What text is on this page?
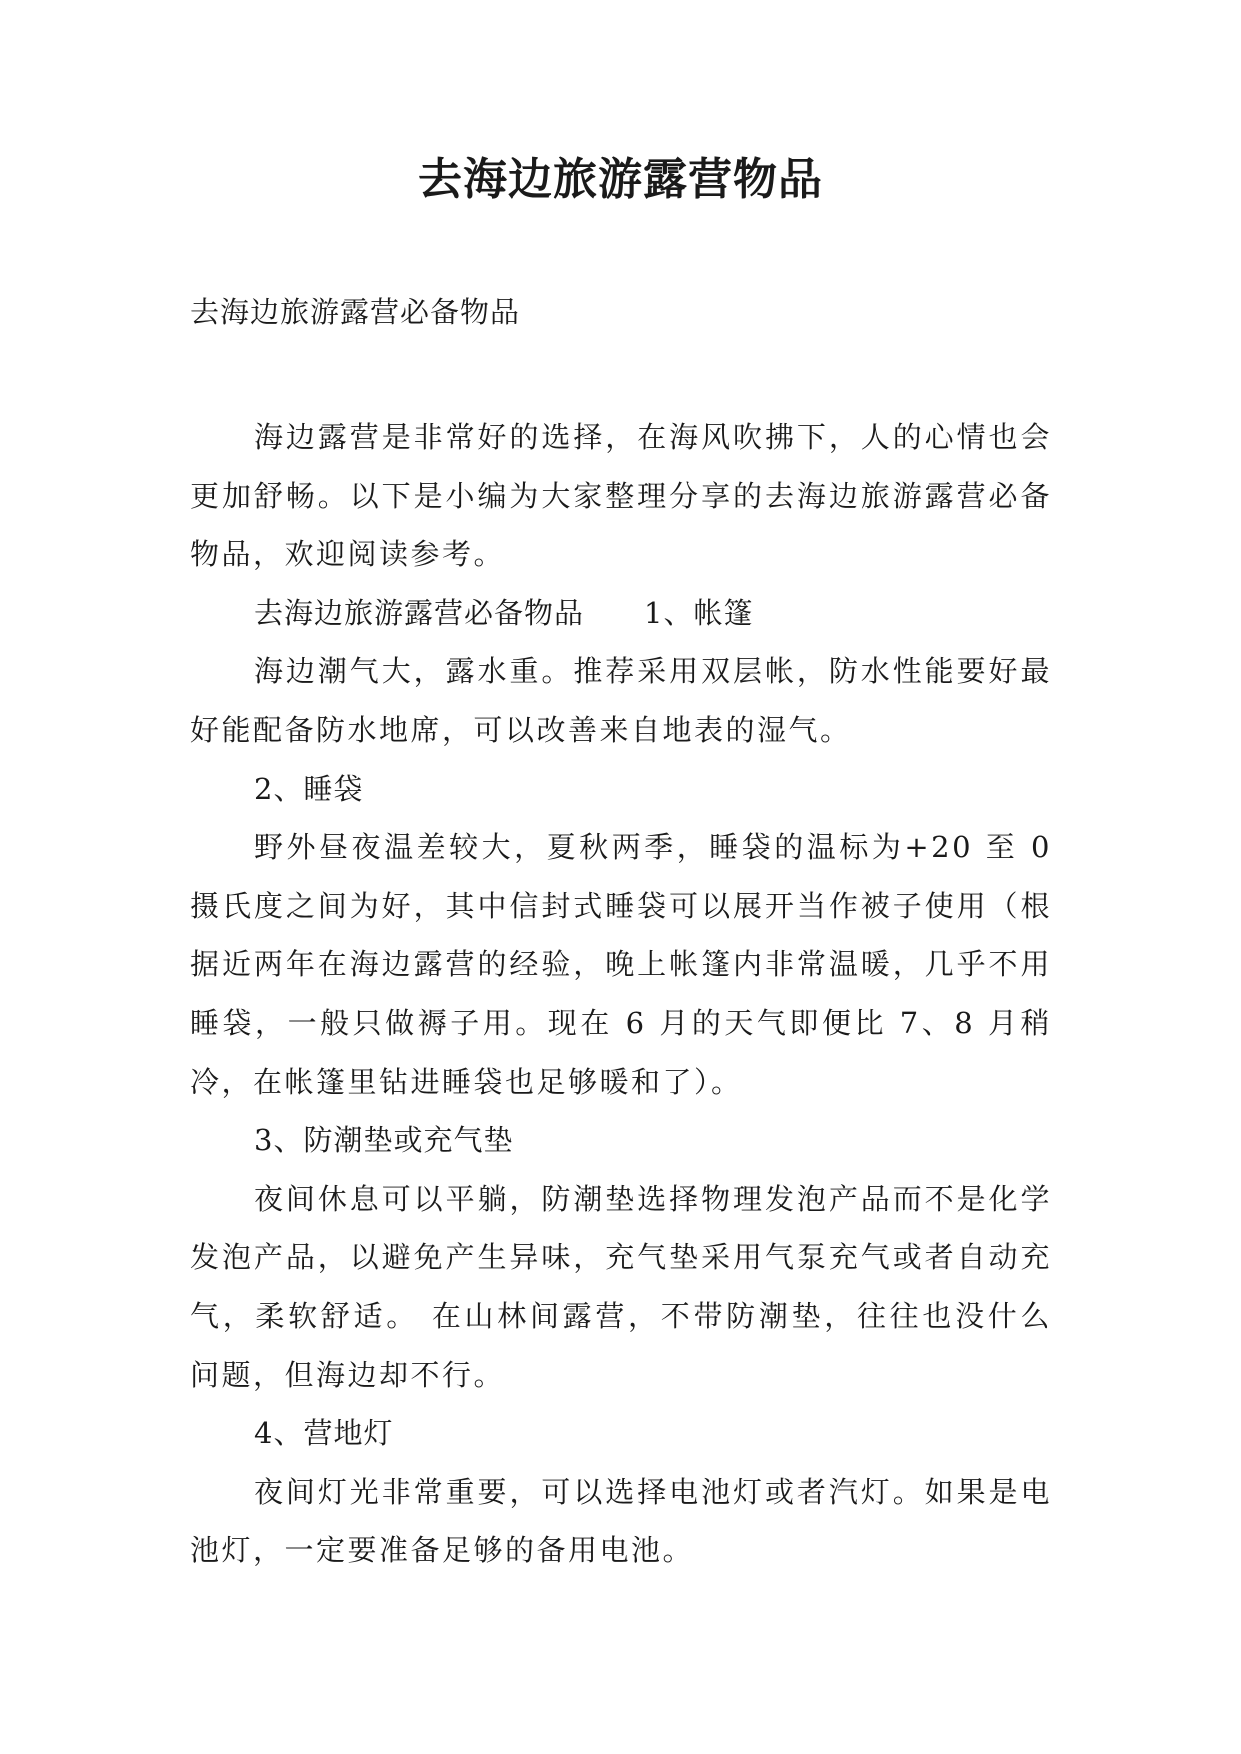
去海边旅游露营物品

去海边旅游露营必备物品

海边露营是非常好的选择，在海风吹拂下，人的心情也会更加舒畅。以下是小编为大家整理分享的去海边旅游露营必备物品，欢迎阅读参考。

去海边旅游露营必备物品 1、帐篷

海边潮气大，露水重。推荐采用双层帐，防水性能要好最好能配备防水地席，可以改善来自地表的湿气。

2、睡袋

野外昼夜温差较大，夏秋两季，睡袋的温标为+20 至 0 摄氏度之间为好，其中信封式睡袋可以展开当作被子使用（根据近两年在海边露营的经验，晚上帐篷内非常温暖，几乎不用睡袋，一般只做褥子用。现在 6 月的天气即便比 7、8 月稍冷，在帐篷里钻进睡袋也足够暖和了）。

3、防潮垫或充气垫

夜间休息可以平躺，防潮垫选择物理发泡产品而不是化学发泡产品，以避免产生异味，充气垫采用气泵充气或者自动充气，柔软舒适。 在山林间露营，不带防潮垫，往往也没什么问题，但海边却不行。

4、营地灯

夜间灯光非常重要，可以选择电池灯或者汽灯。如果是电池灯，一定要准备足够的备用电池。
